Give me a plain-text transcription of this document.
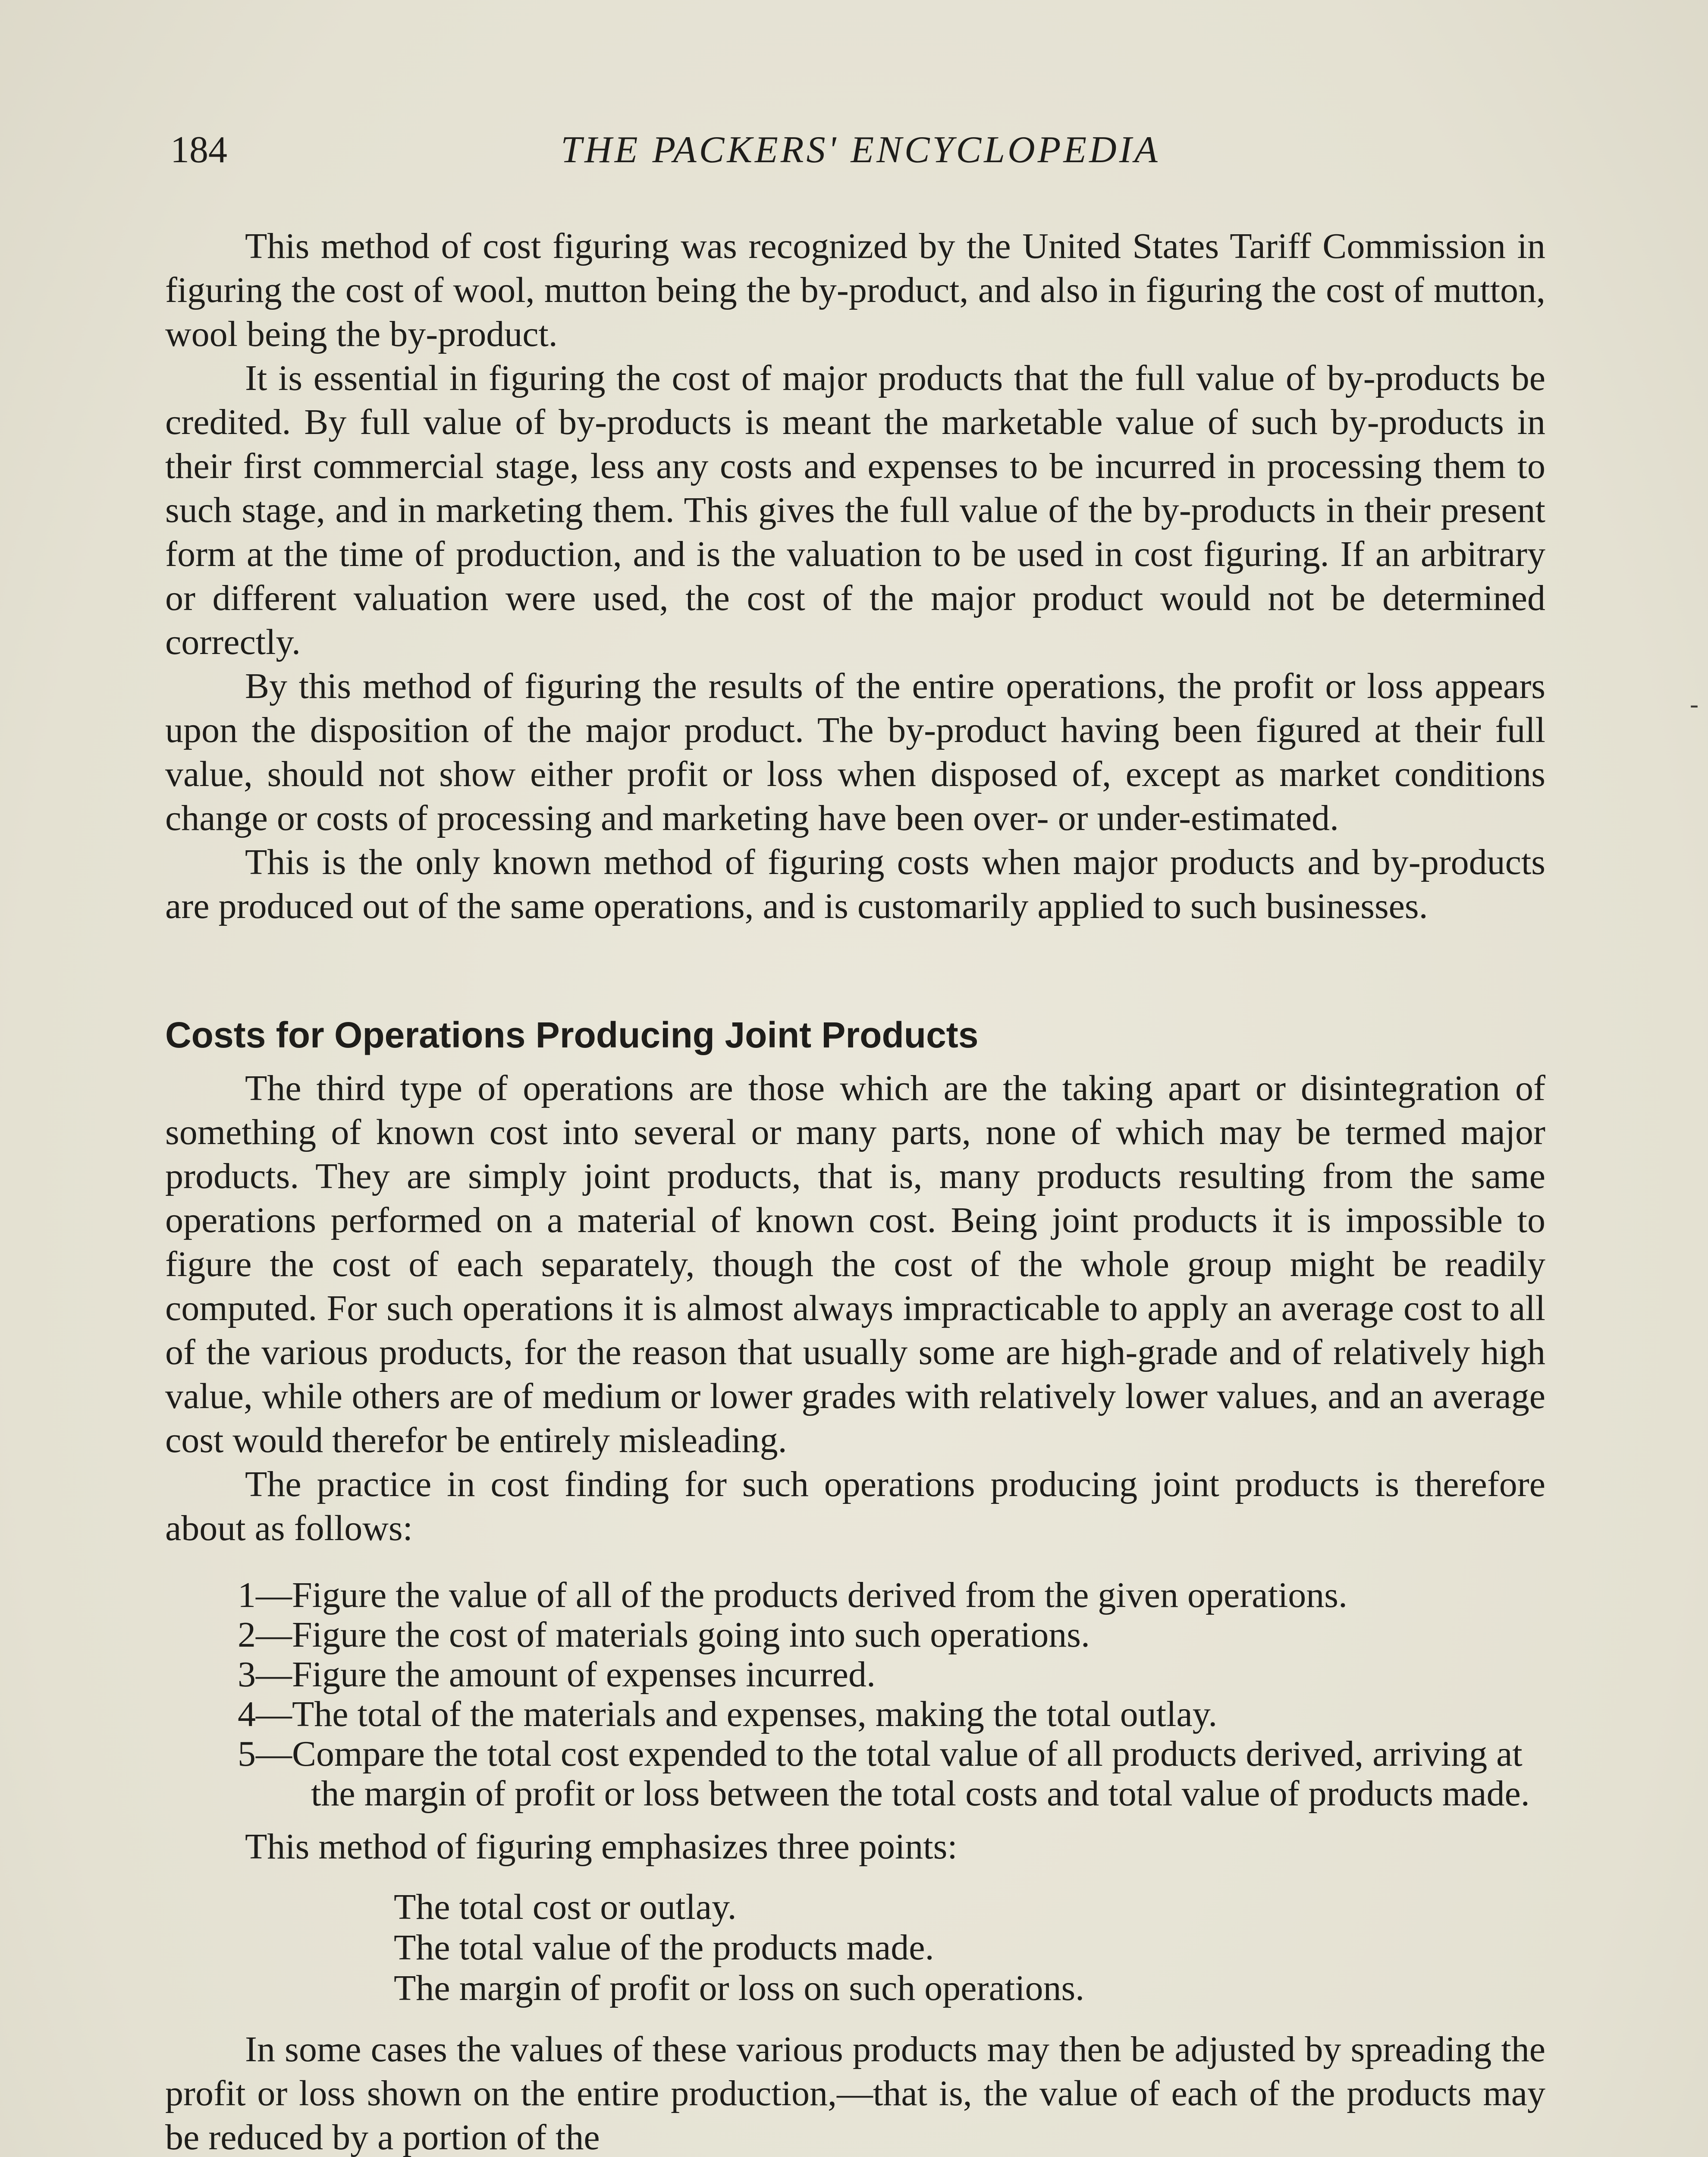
184	THE PACKERS' ENCYCLOPEDIA

This method of cost figuring was recognized by the United States Tariff Commission in figuring the cost of wool, mutton being the by-product, and also in figuring the cost of mutton, wool being the by-product.

It is essential in figuring the cost of major products that the full value of by-products be credited. By full value of by-products is meant the marketable value of such by-products in their first commercial stage, less any costs and expenses to be incurred in processing them to such stage, and in marketing them. This gives the full value of the by-products in their present form at the time of production, and is the valuation to be used in cost figuring. If an arbitrary or different valuation were used, the cost of the major product would not be determined correctly.

By this method of figuring the results of the entire operations, the profit or loss appears upon the disposition of the major product. The by-product having been figured at their full value, should not show either profit or loss when disposed of, except as market conditions change or costs of processing and marketing have been over- or under-estimated.

This is the only known method of figuring costs when major products and by-products are produced out of the same operations, and is customarily applied to such businesses.

Costs for Operations Producing Joint Products

The third type of operations are those which are the taking apart or disintegration of something of known cost into several or many parts, none of which may be termed major products. They are simply joint products, that is, many products resulting from the same operations performed on a material of known cost. Being joint products it is impossible to figure the cost of each separately, though the cost of the whole group might be readily computed. For such operations it is almost always impracticable to apply an average cost to all of the various products, for the reason that usually some are high-grade and of relatively high value, while others are of medium or lower grades with relatively lower values, and an average cost would therefor be entirely misleading.

The practice in cost finding for such operations producing joint products is therefore about as follows:

1—Figure the value of all of the products derived from the given operations.
2—Figure the cost of materials going into such operations.
3—Figure the amount of expenses incurred.
4—The total of the materials and expenses, making the total outlay.
5—Compare the total cost expended to the total value of all products derived, arriving at the margin of profit or loss between the total costs and total value of products made.

This method of figuring emphasizes three points:

The total cost or outlay.
The total value of the products made.
The margin of profit or loss on such operations.

In some cases the values of these various products may then be adjusted by spreading the profit or loss shown on the entire production,—that is, the value of each of the products may be reduced by a portion of the

-
